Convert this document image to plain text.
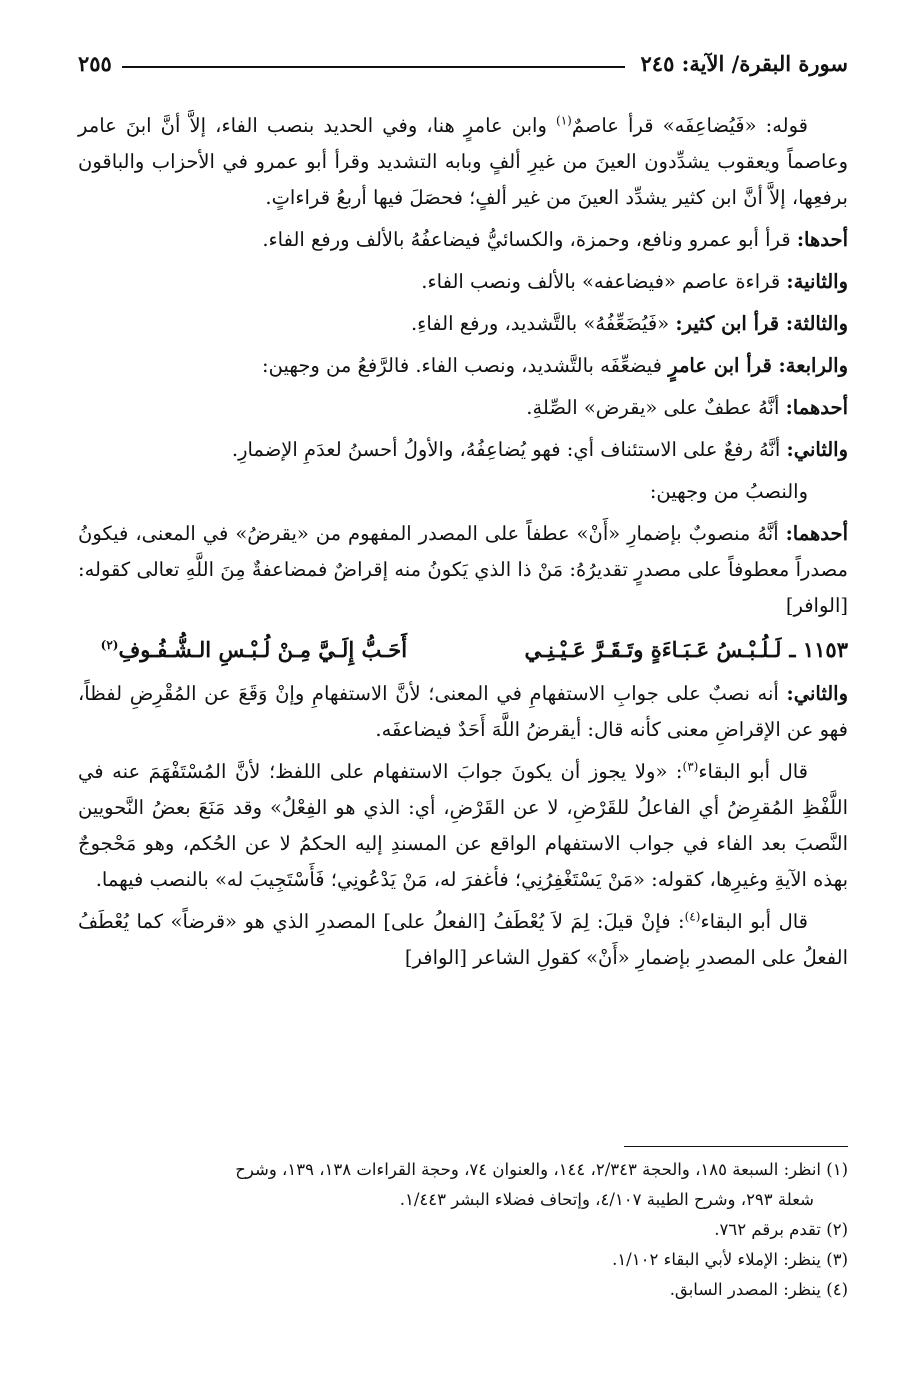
سورة البقرة/ الآية: ٢٤٥
٢٥٥

قوله: «فَيُضاعِفَه» قرأ عاصمٌ$^{(١)}$ وابن عامرٍ هنا، وفي الحديد بنصب الفاء، إلاَّ أنَّ ابنَ عامر وعاصماً ويعقوب يشدِّدون العينَ من غيرِ ألفٍ وبابه التشديد وقرأ أبو عمرو في الأحزاب والباقون برفعِها، إلاَّ أنَّ ابن كثير يشدِّد العينَ من غير ألفٍ؛ فحصَلَ فيها أربعُ قراءاتٍ.

أحدها: قرأ أبو عمرو ونافع، وحمزة، والكسائيُّ فيضاعفُهُ بالألف ورفع الفاء.

والثانية: قراءة عاصم «فيضاعفه» بالألف ونصب الفاء.

والثالثة: قرأ ابن كثير: «فَيُضَعِّفُهُ» بالتَّشديد، ورفع الفاءِ.

والرابعة: قرأ ابن عامرٍ فيضعِّفَه بالتَّشديد، ونصب الفاء. فالرَّفعُ من وجهين:

أحدهما: أنَّهُ عطفٌ على «يقرض» الصِّلةِ.

والثاني: أنَّهُ رفعٌ على الاستئناف أي: فهو يُضاعِفُهُ، والأولُ أحسنُ لعدَمِ الإضمارِ.

والنصبُ من وجهين:

أحدهما: أنَّهُ منصوبٌ بإضمارِ «أَنْ» عطفاً على المصدر المفهوم من «يقرضُ» في المعنى، فيكونُ مصدراً معطوفاً على مصدرٍ تقديرُهُ: مَنْ ذا الذي يَكونُ منه إقراضٌ فمضاعفةٌ مِنَ اللَّهِ تعالى كقوله: [الوافر]

١١٥٣ ـ
لَـلُـبْـسُ عَـبَـاءَةٍ وتَـقَـرَّ عَـيْـنِـي
أَحَـبُّ إِلَـيَّ مِـنْ لُـبْـسِ الـشُّـفُـوفِ$^{(٢)}$

والثاني: أنه نصبٌ على جوابِ الاستفهامِ في المعنى؛ لأنَّ الاستفهامِ وإنْ وَقَعَ عن المُقْرِضِ لفظاً، فهو عن الإقراضِ معنى كأنه قال: أيقرضُ اللَّهَ أَحَدٌ فيضاعفَه.

قال أبو البقاء$^{(٣)}$: «ولا يجوز أن يكونَ جوابَ الاستفهام على اللفظ؛ لأنَّ المُسْتَفْهَمَ عنه في اللَّفْظِ المُقرِضُ أي الفاعلُ للقَرْضِ، لا عن القَرْضِ، أي: الذي هو الفِعْلُ» وقد مَنَعَ بعضُ النَّحويين النَّصبَ بعد الفاء في جواب الاستفهام الواقع عن المسندِ إليه الحكمُ لا عن الحُكم، وهو مَحْجوجٌ بهذه الآيةِ وغيرِها، كقوله: «مَنْ يَسْتَغْفِرُنِي؛ فأغفرَ له، مَنْ يَدْعُونِي؛ فَأَسْتَجِيبَ له» بالنصب فيهما.

قال أبو البقاء$^{(٤)}$: فإنْ قيلَ: لِمَ لاَ يُعْطَفُ [الفعلُ على] المصدرِ الذي هو «قرضاً» كما يُعْطَفُ الفعلُ على المصدرِ بإضمارِ «أَنْ» كقولِ الشاعر [الوافر]

(١) انظر: السبعة ١٨٥، والحجة ٢/٣٤٣، ١٤٤، والعنوان ٧٤، وحجة القراءات ١٣٨، ١٣٩، وشرح

شعلة ٢٩٣، وشرح الطيبة ٤/١٠٧، وإتحاف فضلاء البشر ١/٤٤٣.

(٢) تقدم برقم ٧٦٢.

(٣) ينظر: الإملاء لأبي البقاء ١/١٠٢.

(٤) ينظر: المصدر السابق.
